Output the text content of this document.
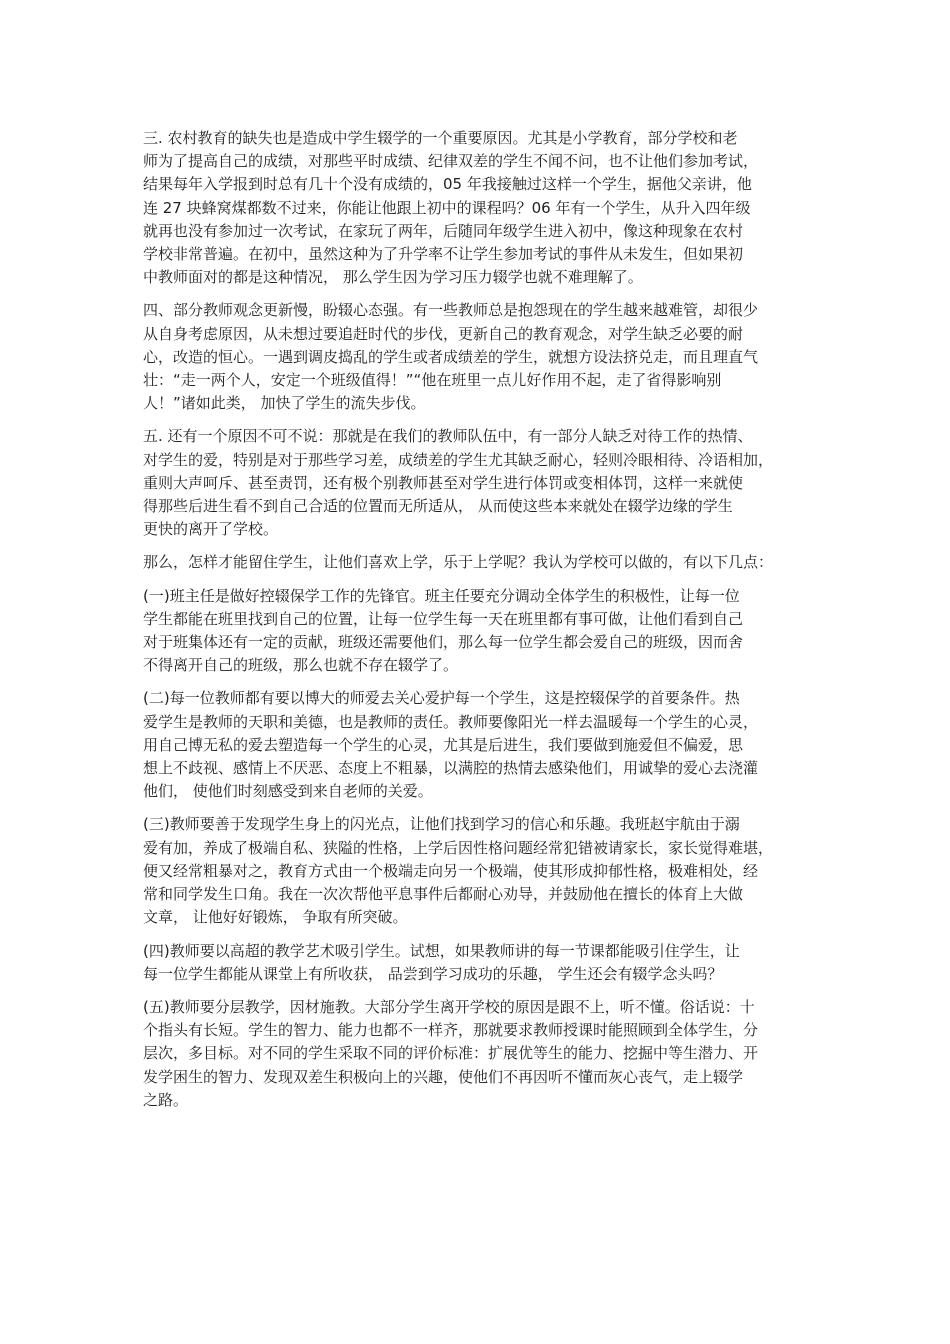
三. 农村教育的缺失也是造成中学生辍学的一个重要原因。尤其是小学教育，部分学校和老
师为了提高自己的成绩，对那些平时成绩、纪律双差的学生不闻不问，也不让他们参加考试，
结果每年入学报到时总有几十个没有成绩的，05 年我接触过这样一个学生，据他父亲讲，他
连 27 块蜂窝煤都数不过来，你能让他跟上初中的课程吗？06 年有一个学生，从升入四年级
就再也没有参加过一次考试，在家玩了两年，后随同年级学生进入初中，像这种现象在农村
学校非常普遍。在初中，虽然这种为了升学率不让学生参加考试的事件从未发生，但如果初
中教师面对的都是这种情况， 那么学生因为学习压力辍学也就不难理解了。

四、部分教师观念更新慢，盼辍心态强。有一些教师总是抱怨现在的学生越来越难管，却很少
从自身考虑原因，从未想过要追赶时代的步伐，更新自己的教育观念，对学生缺乏必要的耐
心，改造的恒心。一遇到调皮捣乱的学生或者成绩差的学生，就想方设法挤兑走，而且理直气
壮：“走一两个人，安定一个班级值得！”“他在班里一点儿好作用不起，走了省得影响别
人！”诸如此类， 加快了学生的流失步伐。

五. 还有一个原因不可不说：那就是在我们的教师队伍中，有一部分人缺乏对待工作的热情、
对学生的爱，特别是对于那些学习差，成绩差的学生尤其缺乏耐心，轻则冷眼相待、冷语相加，
重则大声呵斥、甚至责罚，还有极个别教师甚至对学生进行体罚或变相体罚，这样一来就使
得那些后进生看不到自己合适的位置而无所适从， 从而使这些本来就处在辍学边缘的学生
更快的离开了学校。

那么，怎样才能留住学生，让他们喜欢上学，乐于上学呢？我认为学校可以做的，有以下几点：

(一)班主任是做好控辍保学工作的先锋官。班主任要充分调动全体学生的积极性，让每一位
学生都能在班里找到自己的位置，让每一位学生每一天在班里都有事可做，让他们看到自己
对于班集体还有一定的贡献，班级还需要他们，那么每一位学生都会爱自己的班级，因而舍
不得离开自己的班级，那么也就不存在辍学了。

(二)每一位教师都有要以博大的师爱去关心爱护每一个学生，这是控辍保学的首要条件。热
爱学生是教师的天职和美德，也是教师的责任。教师要像阳光一样去温暖每一个学生的心灵，
用自己博无私的爱去塑造每一个学生的心灵，尤其是后进生，我们要做到施爱但不偏爱，思
想上不歧视、感情上不厌恶、态度上不粗暴，以满腔的热情去感染他们，用诚挚的爱心去浇灌
他们， 使他们时刻感受到来自老师的关爱。

(三)教师要善于发现学生身上的闪光点，让他们找到学习的信心和乐趣。我班赵宇航由于溺
爱有加，养成了极端自私、狭隘的性格，上学后因性格问题经常犯错被请家长，家长觉得难堪，
便又经常粗暴对之，教育方式由一个极端走向另一个极端，使其形成抑郁性格，极难相处，经
常和同学发生口角。我在一次次帮他平息事件后都耐心劝导，并鼓励他在擅长的体育上大做
文章， 让他好好锻炼， 争取有所突破。

(四)教师要以高超的教学艺术吸引学生。试想，如果教师讲的每一节课都能吸引住学生，让
每一位学生都能从课堂上有所收获， 品尝到学习成功的乐趣， 学生还会有辍学念头吗？

(五)教师要分层教学，因材施教。大部分学生离开学校的原因是跟不上，听不懂。俗话说：十
个指头有长短。学生的智力、能力也都不一样齐，那就要求教师授课时能照顾到全体学生，分
层次，多目标。对不同的学生采取不同的评价标准：扩展优等生的能力、挖掘中等生潜力、开
发学困生的智力、发现双差生积极向上的兴趣，使他们不再因听不懂而灰心丧气，走上辍学
之路。
